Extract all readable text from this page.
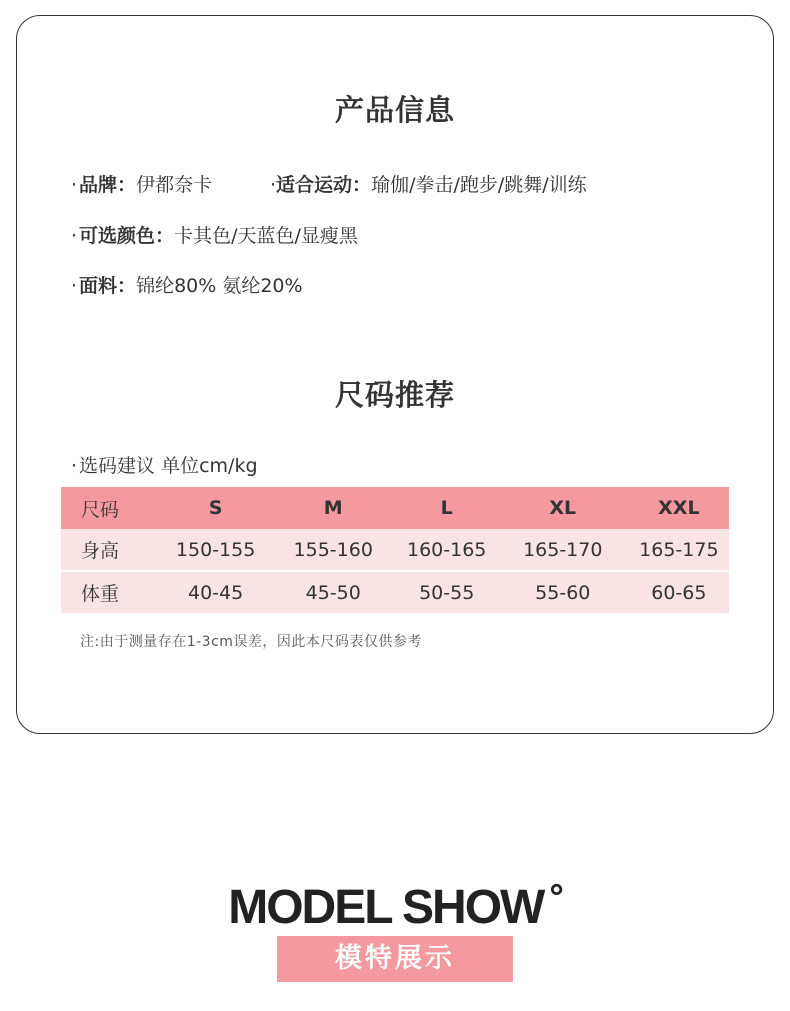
产品信息
· 品牌：伊都奈卡	·适合运动：瑜伽/拳击/跑步/跳舞/训练
· 可选颜色：卡其色/天蓝色/显瘦黑
· 面料：锦纶80% 氨纶20%
尺码推荐
· 选码建议 单位cm/kg
尺码	S	M	L	XL	XXL
身高	150-155	155-160	160-165	165-170	165-175
体重	40-45	45-50	50-55	55-60	60-65
注:由于测量存在1-3cm误差，因此本尺码表仅供参考
MODEL SHOW °
模特展示
